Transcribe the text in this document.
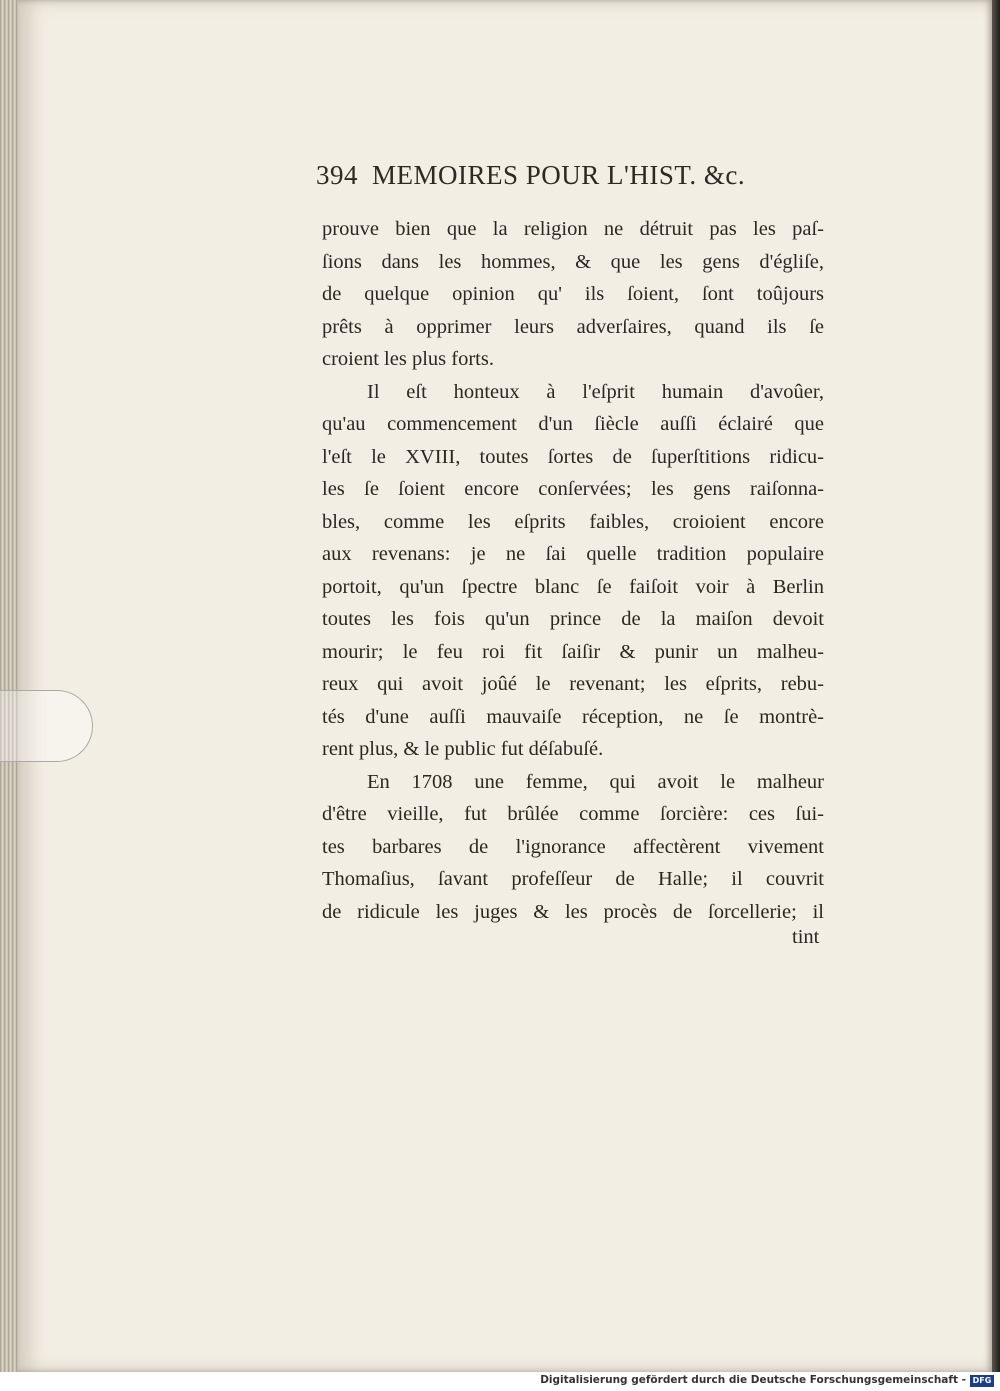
394 MEMOIRES POUR L'HIST. &c.
prouve bien que la religion ne détruit pas les paſ-
ſions dans les hommes, & que les gens d'égliſe,
de quelque opinion qu' ils ſoient, ſont toûjours
prêts à opprimer leurs adverſaires, quand ils ſe
croient les plus forts.
Il eſt honteux à l'eſprit humain d'avoûer,
qu'au commencement d'un ſiècle auſſi éclairé que
l'eſt le XVIII, toutes ſortes de ſuperſtitions ridicu-
les ſe ſoient encore conſervées; les gens raiſonna-
bles, comme les eſprits faibles, croioient encore
aux revenans: je ne ſai quelle tradition populaire
portoit, qu'un ſpectre blanc ſe faiſoit voir à Berlin
toutes les fois qu'un prince de la maiſon devoit
mourir; le feu roi fit ſaiſir & punir un malheu-
reux qui avoit joûé le revenant; les eſprits, rebu-
tés d'une auſſi mauvaiſe réception, ne ſe montrè-
rent plus, & le public fut déſabuſé.
En 1708 une femme, qui avoit le malheur
d'être vieille, fut brûlée comme ſorcière: ces ſui-
tes barbares de l'ignorance affectèrent vivement
Thomaſius, ſavant profeſſeur de Halle; il couvrit
de ridicule les juges & les procès de ſorcellerie; il
tint
Digitalisierung gefördert durch die Deutsche Forschungsgemeinschaft - DFG
